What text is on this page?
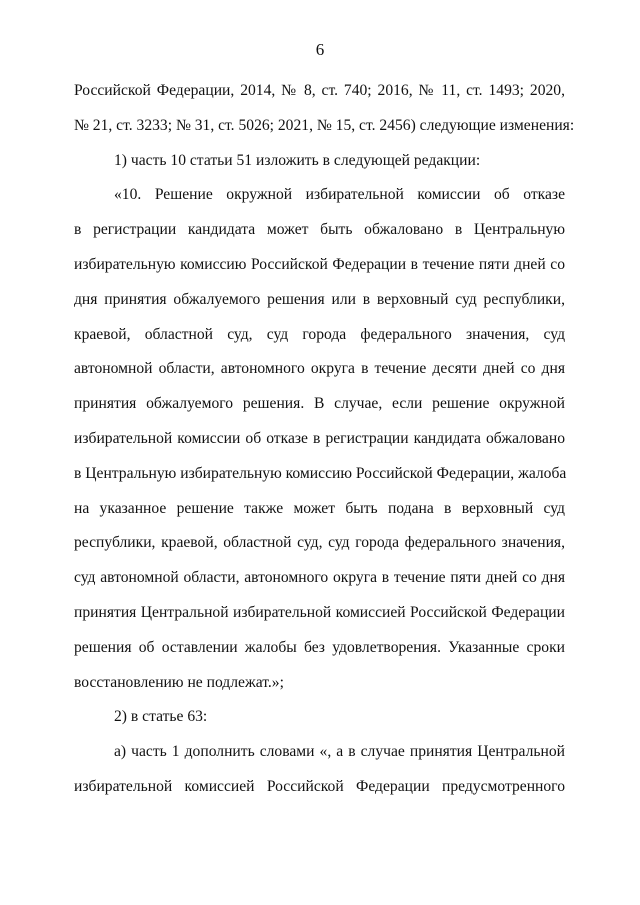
6
Российской Федерации, 2014, № 8, ст. 740; 2016, № 11, ст. 1493; 2020,
№ 21, ст. 3233; № 31, ст. 5026; 2021, № 15, ст. 2456) следующие изменения:
1) часть 10 статьи 51 изложить в следующей редакции:
«10. Решение окружной избирательной комиссии об отказе
в регистрации кандидата может быть обжаловано в Центральную
избирательную комиссию Российской Федерации в течение пяти дней со
дня принятия обжалуемого решения или в верховный суд республики,
краевой, областной суд, суд города федерального значения, суд
автономной области, автономного округа в течение десяти дней со дня
принятия обжалуемого решения. В случае, если решение окружной
избирательной комиссии об отказе в регистрации кандидата обжаловано
в Центральную избирательную комиссию Российской Федерации, жалоба
на указанное решение также может быть подана в верховный суд
республики, краевой, областной суд, суд города федерального значения,
суд автономной области, автономного округа в течение пяти дней со дня
принятия Центральной избирательной комиссией Российской Федерации
решения об оставлении жалобы без удовлетворения. Указанные сроки
восстановлению не подлежат.»;
2) в статье 63:
а) часть 1 дополнить словами «, а в случае принятия Центральной
избирательной комиссией Российской Федерации предусмотренного
